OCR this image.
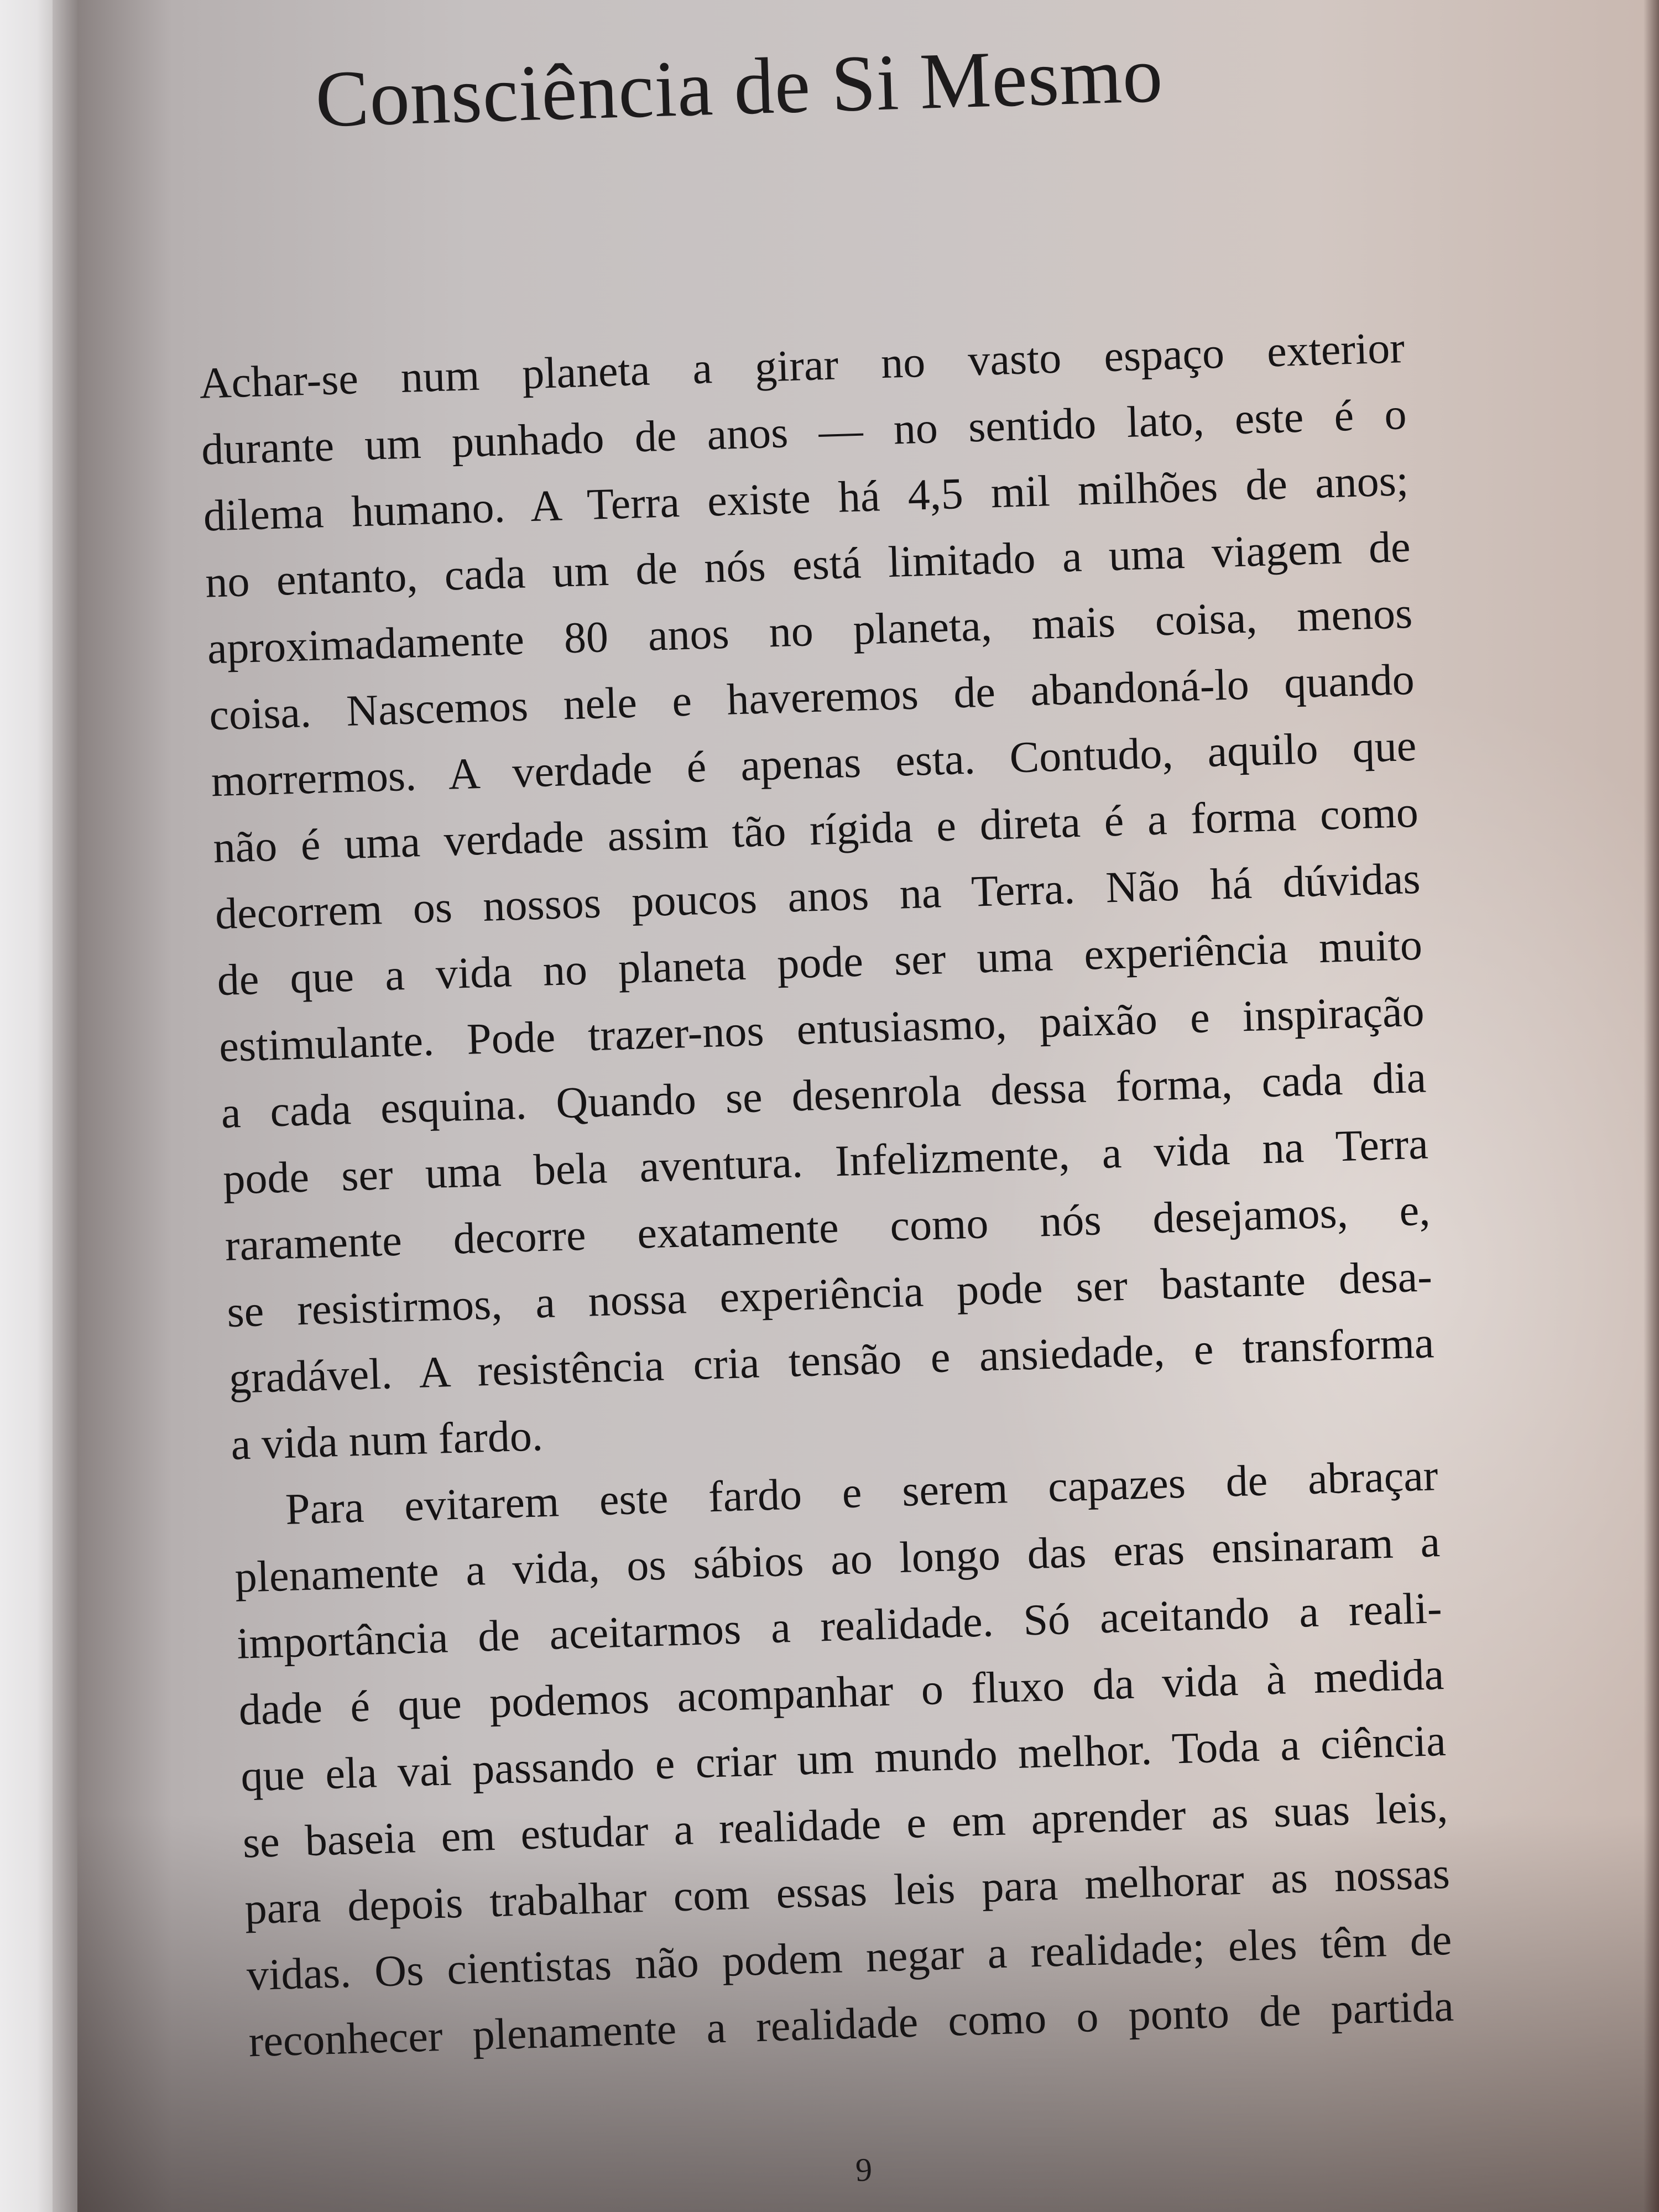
Consciência de Si Mesmo
Achar-se num planeta a girar no vasto espaço exterior
durante um punhado de anos — no sentido lato, este é o
dilema humano. A Terra existe há 4,5 mil milhões de anos;
no entanto, cada um de nós está limitado a uma viagem de
aproximadamente 80 anos no planeta, mais coisa, menos
coisa. Nascemos nele e haveremos de abandoná-lo quando
morrermos. A verdade é apenas esta. Contudo, aquilo que
não é uma verdade assim tão rígida e direta é a forma como
decorrem os nossos poucos anos na Terra. Não há dúvidas
de que a vida no planeta pode ser uma experiência muito
estimulante. Pode trazer-nos entusiasmo, paixão e inspiração
a cada esquina. Quando se desenrola dessa forma, cada dia
pode ser uma bela aventura. Infelizmente, a vida na Terra
raramente decorre exatamente como nós desejamos, e,
se resistirmos, a nossa experiência pode ser bastante desa-
gradável. A resistência cria tensão e ansiedade, e transforma
a vida num fardo.
Para evitarem este fardo e serem capazes de abraçar
plenamente a vida, os sábios ao longo das eras ensinaram a
importância de aceitarmos a realidade. Só aceitando a reali-
dade é que podemos acompanhar o fluxo da vida à medida
que ela vai passando e criar um mundo melhor. Toda a ciência
se baseia em estudar a realidade e em aprender as suas leis,
para depois trabalhar com essas leis para melhorar as nossas
vidas. Os cientistas não podem negar a realidade; eles têm de
reconhecer plenamente a realidade como o ponto de partida
9
